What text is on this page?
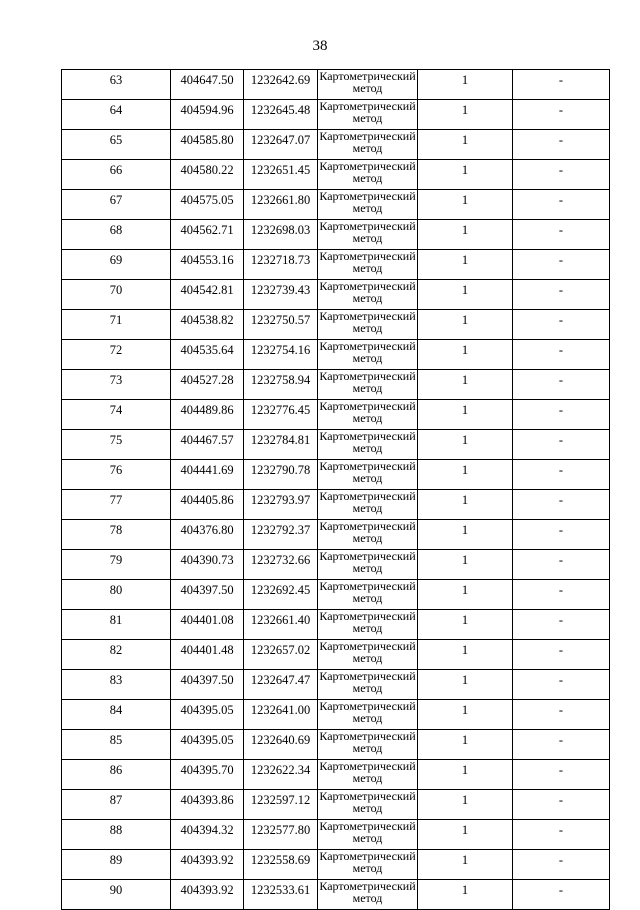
38
63	404647.50	1232642.69	Картометрический метод	1	-
64	404594.96	1232645.48	Картометрический метод	1	-
65	404585.80	1232647.07	Картометрический метод	1	-
66	404580.22	1232651.45	Картометрический метод	1	-
67	404575.05	1232661.80	Картометрический метод	1	-
68	404562.71	1232698.03	Картометрический метод	1	-
69	404553.16	1232718.73	Картометрический метод	1	-
70	404542.81	1232739.43	Картометрический метод	1	-
71	404538.82	1232750.57	Картометрический метод	1	-
72	404535.64	1232754.16	Картометрический метод	1	-
73	404527.28	1232758.94	Картометрический метод	1	-
74	404489.86	1232776.45	Картометрический метод	1	-
75	404467.57	1232784.81	Картометрический метод	1	-
76	404441.69	1232790.78	Картометрический метод	1	-
77	404405.86	1232793.97	Картометрический метод	1	-
78	404376.80	1232792.37	Картометрический метод	1	-
79	404390.73	1232732.66	Картометрический метод	1	-
80	404397.50	1232692.45	Картометрический метод	1	-
81	404401.08	1232661.40	Картометрический метод	1	-
82	404401.48	1232657.02	Картометрический метод	1	-
83	404397.50	1232647.47	Картометрический метод	1	-
84	404395.05	1232641.00	Картометрический метод	1	-
85	404395.05	1232640.69	Картометрический метод	1	-
86	404395.70	1232622.34	Картометрический метод	1	-
87	404393.86	1232597.12	Картометрический метод	1	-
88	404394.32	1232577.80	Картометрический метод	1	-
89	404393.92	1232558.69	Картометрический метод	1	-
90	404393.92	1232533.61	Картометрический метод	1	-
